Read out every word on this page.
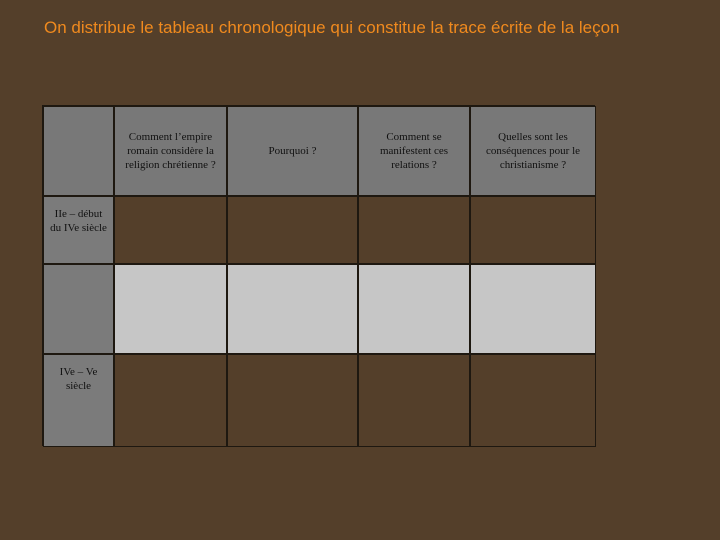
On distribue le tableau chronologique qui constitue la trace écrite de la leçon
Comment l’empire romain considère la religion chrétienne ?
Pourquoi ?
Comment se manifestent ces relations ?
Quelles sont les conséquences pour le christianisme ?
IIe – début du IVe siècle
IVe – Ve siècle
